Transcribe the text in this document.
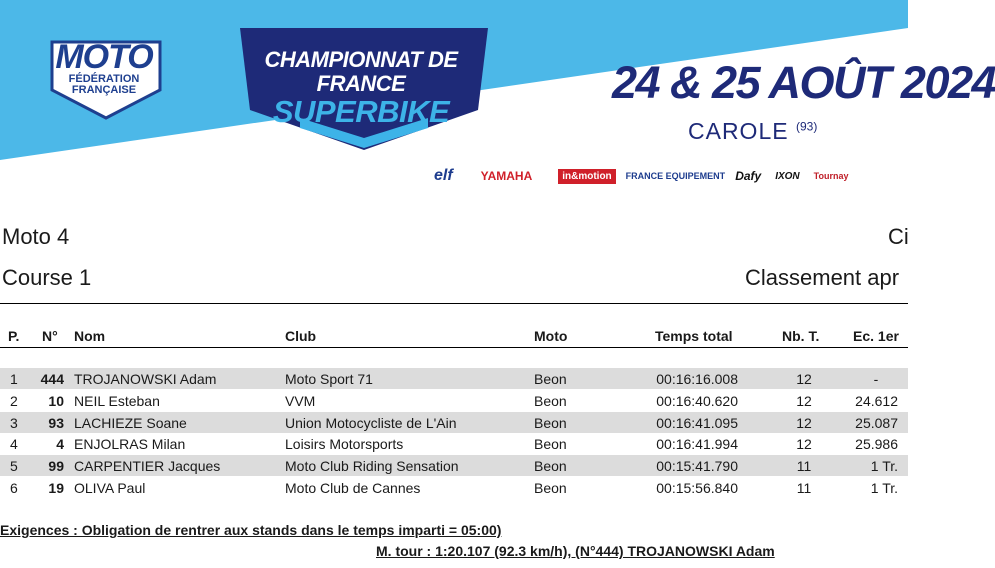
MOTO
FÉDÉRATION
FRANÇAISE
CHAMPIONNAT DE FRANCE
SUPERBIKE
24 & 25 AOÛT 2024
CAROLE $^{(93)}$
elf YAMAHA	in&motion	FRANCE EQUIPEMENT Dafy IXON Tournay
Moto 4	Ci
Course 1	Classement apr
P. N° Nom	Club	Moto	Temps total	Nb. T. Ec. 1er
1	444 TROJANOWSKI Adam	Moto Sport 71	Beon	00:16:16.008	12	-
2	10 NEIL Esteban	VVM	Beon	00:16:40.620	12	24.612
3	93 LACHIEZE Soane	Union Motocycliste de L'Ain	Beon	00:16:41.095	12	25.087
4	4 ENJOLRAS Milan	Loisirs Motorsports	Beon	00:16:41.994	12	25.986
5	99 CARPENTIER Jacques	Moto Club Riding Sensation	Beon	00:15:41.790	11	1 Tr.
6	19 OLIVA Paul	Moto Club de Cannes	Beon	00:15:56.840	11	1 Tr.
Exigences : Obligation de rentrer aux stands dans le temps imparti = 05:00)
M. tour : 1:20.107 (92.3 km/h), (N°444) TROJANOWSKI Adam
